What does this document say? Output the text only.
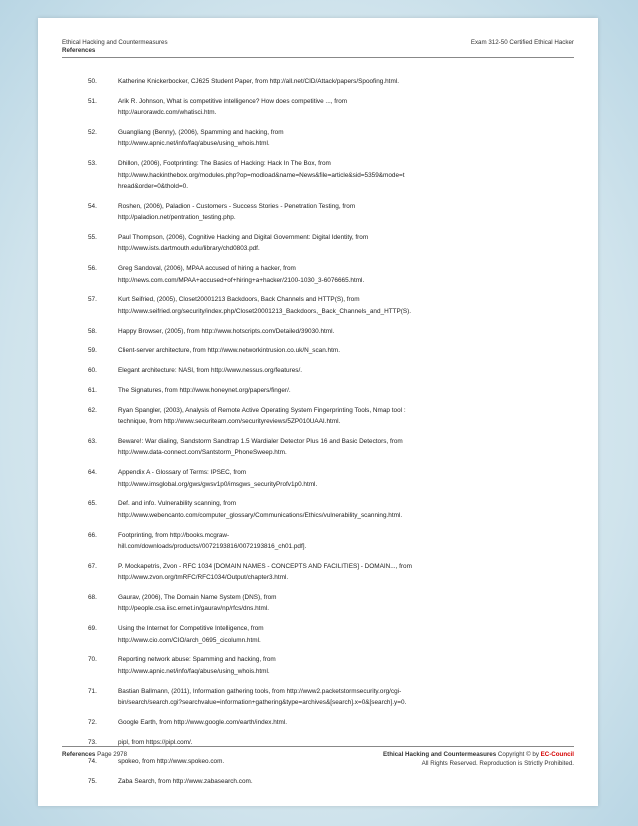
Ethical Hacking and Countermeasures
References
Exam 312-50 Certified Ethical Hacker
50.	Katherine Knickerbocker, CJ625 Student Paper, from http://all.net/CID/Attack/papers/Spoofing.html.
51.	Arik R. Johnson, What is competitive intelligence? How does competitive ..., from
http://aurorawdc.com/whatisci.htm.
52.	Guangliang (Benny), (2006), Spamming and hacking, from
http://www.apnic.net/info/faq/abuse/using_whois.html.
53.	Dhillon, (2006), Footprinting: The Basics of Hacking: Hack In The Box, from
http://www.hackinthebox.org/modules.php?op=modload&name=News&file=article&sid=5359&mode=t
hread&order=0&thold=0.
54.	Roshen, (2006), Paladion - Customers - Success Stories - Penetration Testing, from
http://paladion.net/pentration_testing.php.
55.	Paul Thompson, (2006), Cognitive Hacking and Digital Government: Digital Identity, from
http://www.ists.dartmouth.edu/library/chd0803.pdf.
56.	Greg Sandoval, (2006), MPAA accused of hiring a hacker, from
http://news.com.com/MPAA+accused+of+hiring+a+hacker/2100-1030_3-6076665.html.
57.	Kurt Seifried, (2005), Closet20001213 Backdoors, Back Channels and HTTP(S), from
http://www.seifried.org/security/index.php/Closet20001213_Backdoors,_Back_Channels_and_HTTP(S).
58.	Happy Browser, (2005), from http://www.hotscripts.com/Detailed/39030.html.
59.	Client-server architecture, from http://www.networkintrusion.co.uk/N_scan.htm.
60.	Elegant architecture: NASl, from http://www.nessus.org/features/.
61.	The Signatures, from http://www.honeynet.org/papers/finger/.
62.	Ryan Spangler, (2003), Analysis of Remote Active Operating System Fingerprinting Tools, Nmap tool :
technique, from http://www.securiteam.com/securityreviews/5ZP010UAAI.html.
63.	Beware!: War dialing, Sandstorm Sandtrap 1.5 Wardialer Detector Plus 16 and Basic Detectors, from
http://www.data-connect.com/Santstorm_PhoneSweep.htm.
64.	Appendix A - Glossary of Terms: IPSEC, from
http://www.imsglobal.org/gws/gwsv1p0/imsgws_securityProfv1p0.html.
65.	Def. and info. Vulnerability scanning, from
http://www.webencanto.com/computer_glossary/Communications/Ethics/vulnerability_scanning.html.
66.	Footprinting, from http://books.mcgraw-
hill.com/downloads/products//0072193816/0072193816_ch01.pdf].
67.	P. Mockapetris, Zvon - RFC 1034 [DOMAIN NAMES - CONCEPTS AND FACILITIES] - DOMAIN..., from
http://www.zvon.org/tmRFC/RFC1034/Output/chapter3.html.
68.	Gaurav, (2006), The Domain Name System (DNS), from
http://people.csa.iisc.ernet.in/gaurav/np/rfcs/dns.html.
69.	Using the Internet for Competitive Intelligence, from
http://www.cio.com/CIO/arch_0695_cicolumn.html.
70.	Reporting network abuse: Spamming and hacking, from
http://www.apnic.net/info/faq/abuse/using_whois.html.
71.	Bastian Ballmann, (2011), Information gathering tools, from http://www2.packetstormsecurity.org/cgi-
bin/search/search.cgi?searchvalue=information+gathering&type=archives&[search].x=0&[search].y=0.
72.	Google Earth, from http://www.google.com/earth/index.html.
73.	pipl, from https://pipl.com/.
74.	spokeo, from http://www.spokeo.com.
75.	Zaba Search, from http://www.zabasearch.com.
References Page 2978	Ethical Hacking and Countermeasures Copyright © by EC-Council
All Rights Reserved. Reproduction is Strictly Prohibited.
